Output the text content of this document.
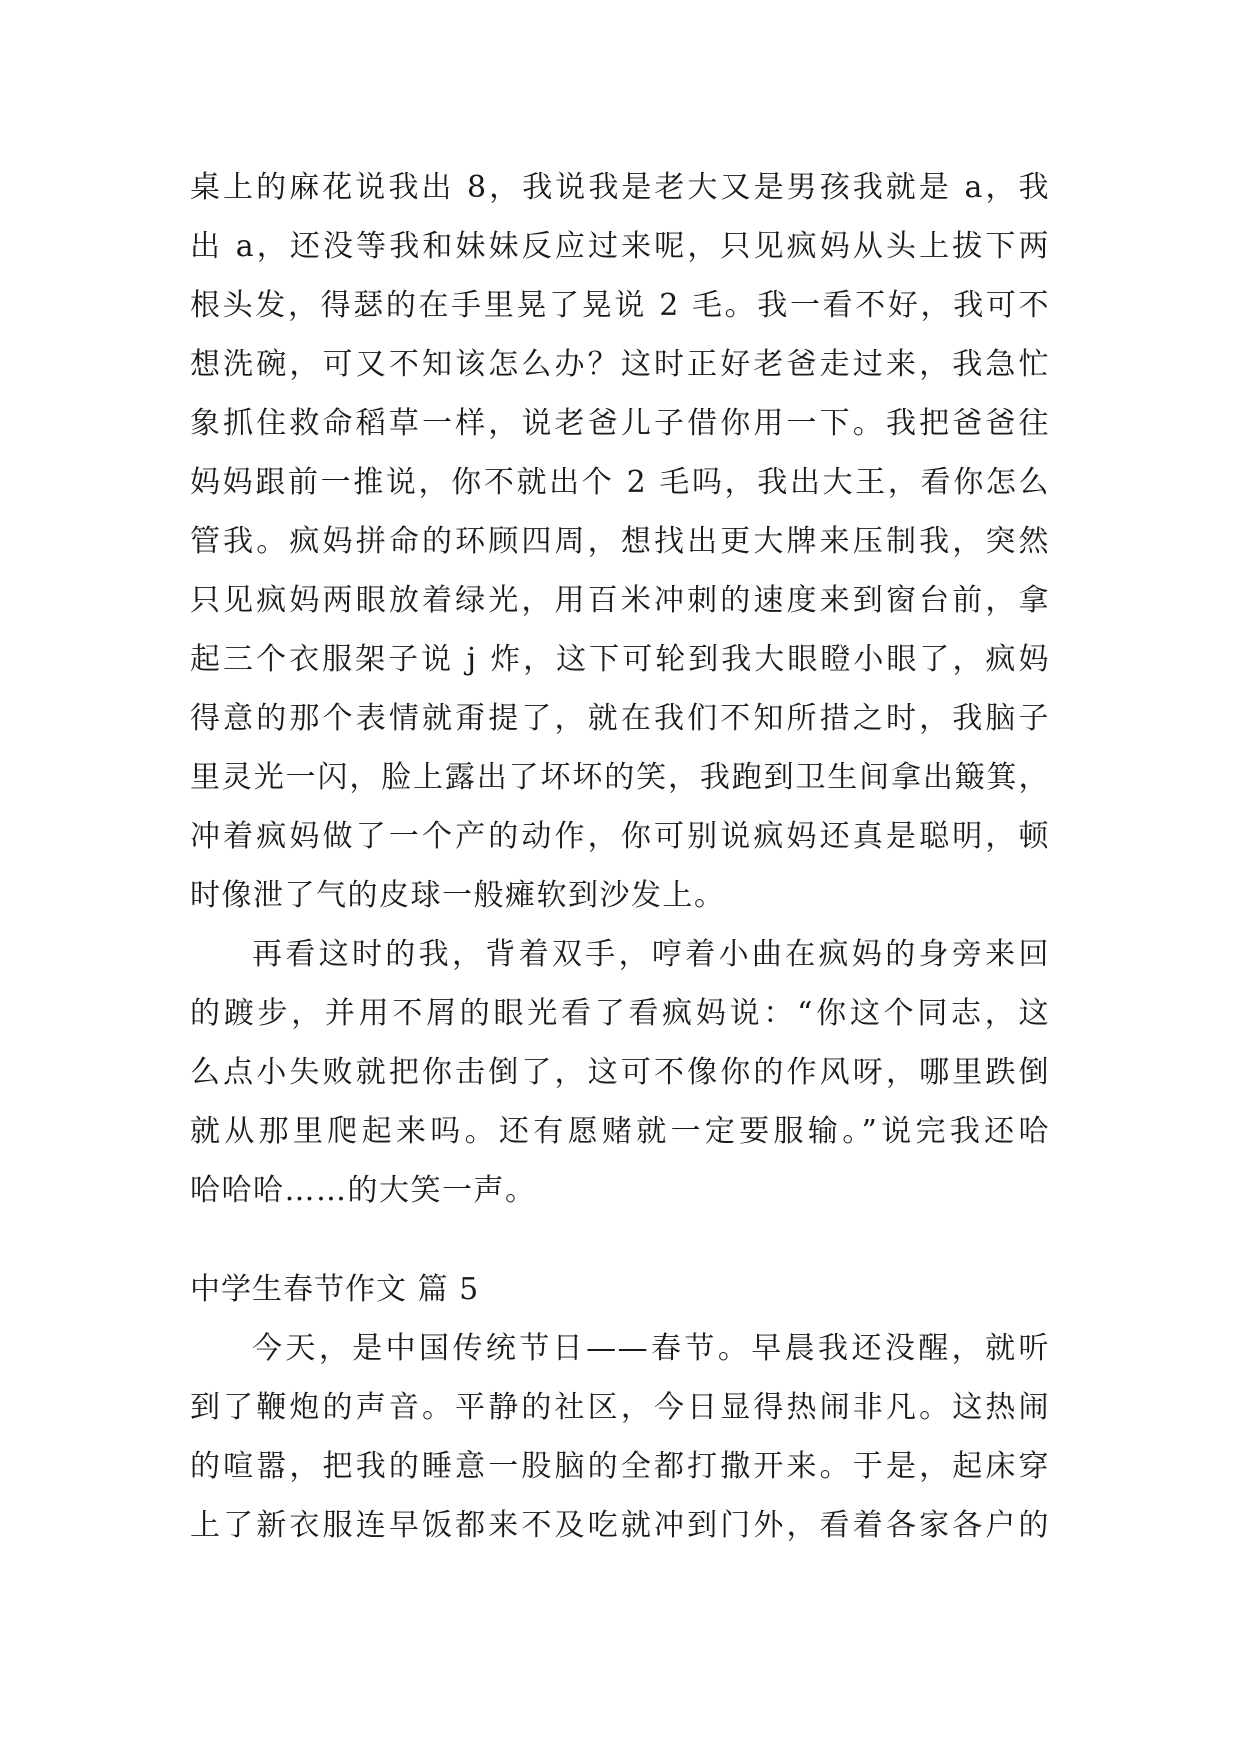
桌上的麻花说我出 8，我说我是老大又是男孩我就是 a，我
出 a，还没等我和妹妹反应过来呢，只见疯妈从头上拔下两
根头发，得瑟的在手里晃了晃说 2 毛。我一看不好，我可不
想洗碗，可又不知该怎么办？这时正好老爸走过来，我急忙
象抓住救命稻草一样，说老爸儿子借你用一下。我把爸爸往
妈妈跟前一推说，你不就出个 2 毛吗，我出大王，看你怎么
管我。疯妈拼命的环顾四周，想找出更大牌来压制我，突然
只见疯妈两眼放着绿光，用百米冲刺的速度来到窗台前，拿
起三个衣服架子说 j 炸，这下可轮到我大眼瞪小眼了，疯妈
得意的那个表情就甭提了，就在我们不知所措之时，我脑子
里灵光一闪，脸上露出了坏坏的笑，我跑到卫生间拿出簸箕，
冲着疯妈做了一个产的动作，你可别说疯妈还真是聪明，顿
时像泄了气的皮球一般瘫软到沙发上。
再看这时的我，背着双手，哼着小曲在疯妈的身旁来回
的踱步，并用不屑的眼光看了看疯妈说：“你这个同志，这
么点小失败就把你击倒了，这可不像你的作风呀，哪里跌倒
就从那里爬起来吗。还有愿赌就一定要服输。”说完我还哈
哈哈哈……的大笑一声。
中学生春节作文 篇 5
今天，是中国传统节日——春节。早晨我还没醒，就听
到了鞭炮的声音。平静的社区，今日显得热闹非凡。这热闹
的喧嚣，把我的睡意一股脑的全都打撒开来。于是，起床穿
上了新衣服连早饭都来不及吃就冲到门外，看着各家各户的
